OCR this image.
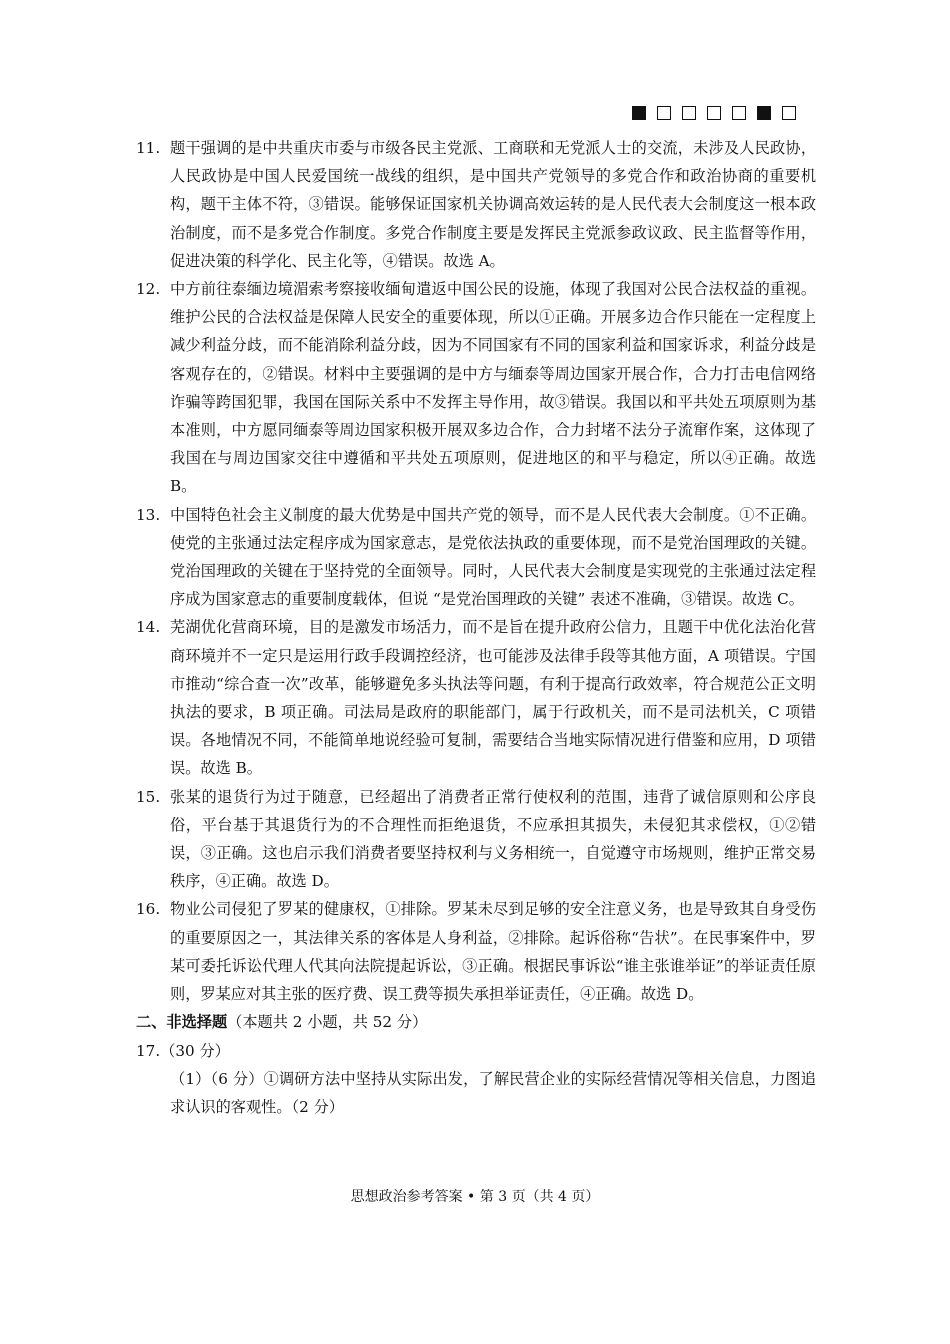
11. 题干强调的是中共重庆市委与市级各民主党派、工商联和无党派人士的交流，未涉及人民政协，人民政协是中国人民爱国统一战线的组织，是中国共产党领导的多党合作和政治协商的重要机构，题干主体不符，③错误。能够保证国家机关协调高效运转的是人民代表大会制度这一根本政治制度，而不是多党合作制度。多党合作制度主要是发挥民主党派参政议政、民主监督等作用，促进决策的科学化、民主化等，④错误。故选 A。
12. 中方前往泰缅边境湄索考察接收缅甸遣返中国公民的设施，体现了我国对公民合法权益的重视。维护公民的合法权益是保障人民安全的重要体现，所以①正确。开展多边合作只能在一定程度上减少利益分歧，而不能消除利益分歧，因为不同国家有不同的国家利益和国家诉求，利益分歧是客观存在的，②错误。材料中主要强调的是中方与缅泰等周边国家开展合作，合力打击电信网络诈骗等跨国犯罪，我国在国际关系中不发挥主导作用，故③错误。我国以和平共处五项原则为基本准则，中方愿同缅泰等周边国家积极开展双多边合作，合力封堵不法分子流窜作案，这体现了我国在与周边国家交往中遵循和平共处五项原则，促进地区的和平与稳定，所以④正确。故选 B。
13. 中国特色社会主义制度的最大优势是中国共产党的领导，而不是人民代表大会制度。①不正确。使党的主张通过法定程序成为国家意志，是党依法执政的重要体现，而不是党治国理政的关键。党治国理政的关键在于坚持党的全面领导。同时，人民代表大会制度是实现党的主张通过法定程序成为国家意志的重要制度载体，但说 “是党治国理政的关键” 表述不准确，③错误。故选 C。
14. 芜湖优化营商环境，目的是激发市场活力，而不是旨在提升政府公信力，且题干中优化法治化营商环境并不一定只是运用行政手段调控经济，也可能涉及法律手段等其他方面，A 项错误。宁国市推动“综合查一次”改革，能够避免多头执法等问题，有利于提高行政效率，符合规范公正文明执法的要求，B 项正确。司法局是政府的职能部门，属于行政机关，而不是司法机关，C 项错误。各地情况不同，不能简单地说经验可复制，需要结合当地实际情况进行借鉴和应用，D 项错误。故选 B。
15. 张某的退货行为过于随意，已经超出了消费者正常行使权利的范围，违背了诚信原则和公序良俗，平台基于其退货行为的不合理性而拒绝退货，不应承担其损失，未侵犯其求偿权，①②错误，③正确。这也启示我们消费者要坚持权利与义务相统一，自觉遵守市场规则，维护正常交易秩序，④正确。故选 D。
16. 物业公司侵犯了罗某的健康权，①排除。罗某未尽到足够的安全注意义务，也是导致其自身受伤的重要原因之一，其法律关系的客体是人身利益，②排除。起诉俗称“告状”。在民事案件中，罗某可委托诉讼代理人代其向法院提起诉讼，③正确。根据民事诉讼“谁主张谁举证”的举证责任原则，罗某应对其主张的医疗费、误工费等损失承担举证责任，④正确。故选 D。
二、非选择题（本题共 2 小题，共 52 分）
17.（30 分）
（1）（6 分）①调研方法中坚持从实际出发，了解民营企业的实际经营情况等相关信息，力图追求认识的客观性。（2 分）
思想政治参考答案 • 第 3 页（共 4 页）
